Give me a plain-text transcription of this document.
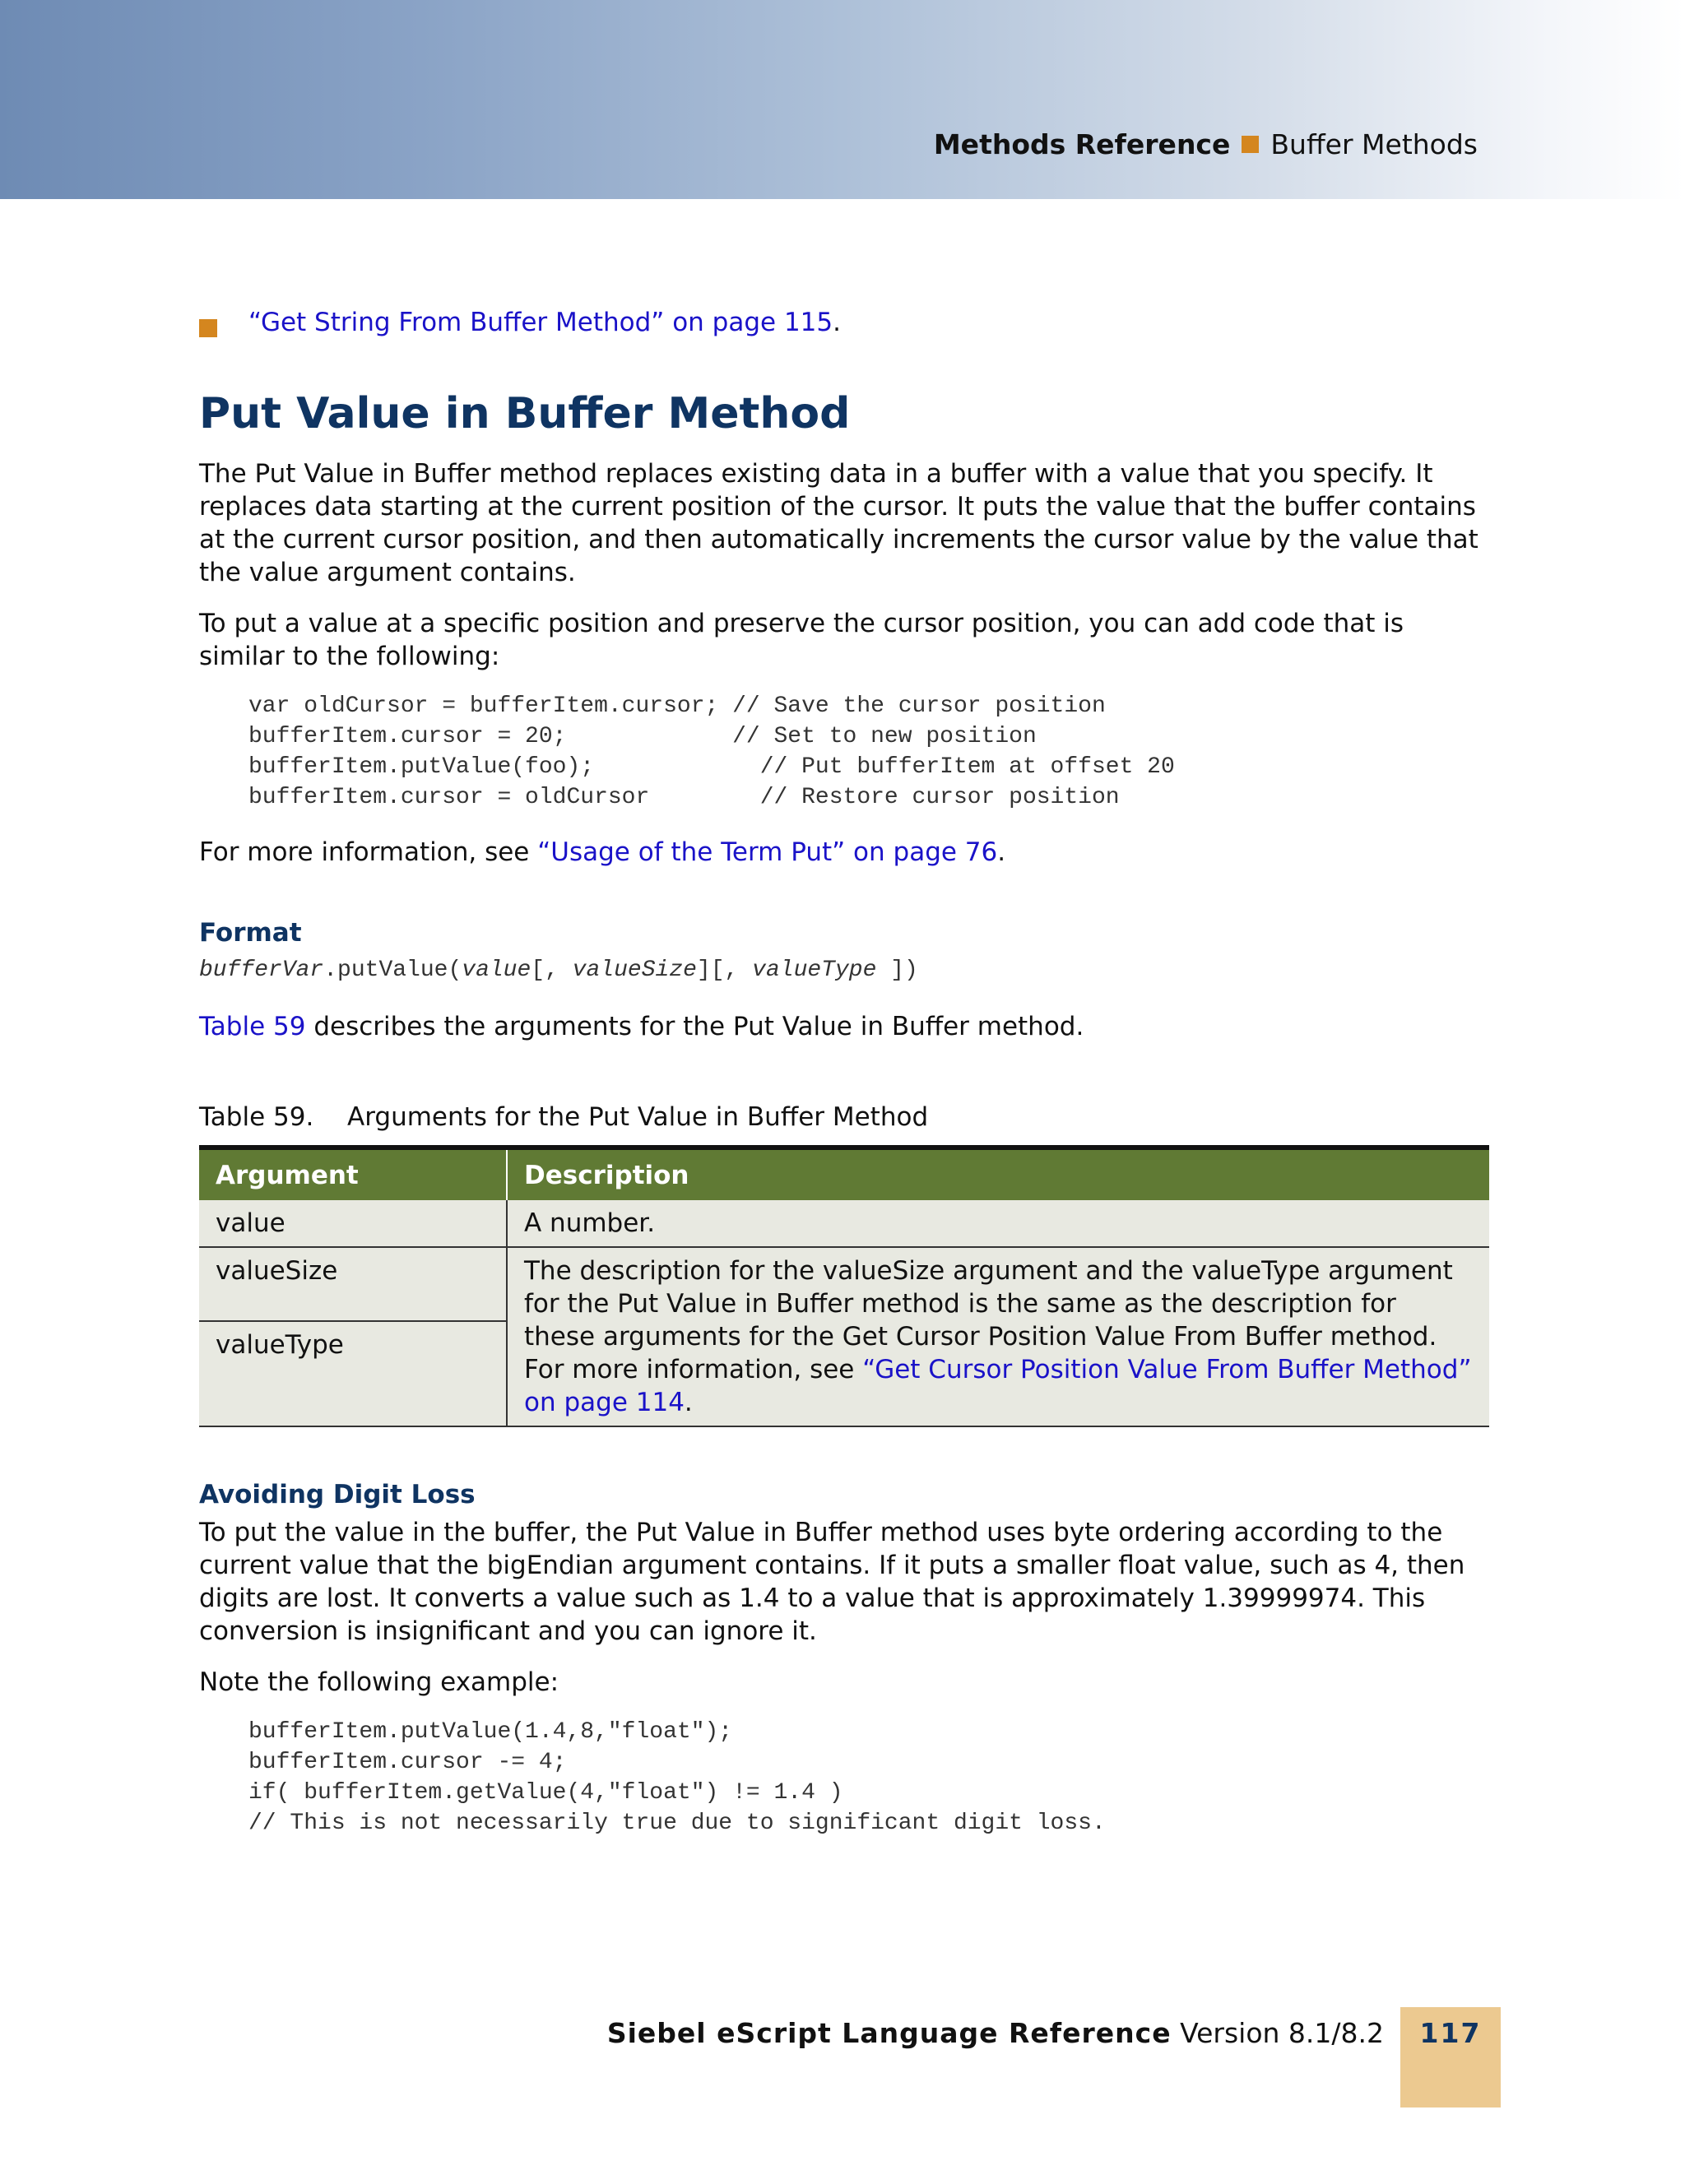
Methods Reference Buffer Methods
“Get String From Buffer Method” on page 115.
Put Value in Buffer Method

The Put Value in Buffer method replaces existing data in a buffer with a value that you specify. It replaces data starting at the current position of the cursor. It puts the value that the buffer contains at the current cursor position, and then automatically increments the cursor value by the value that the value argument contains.

To put a value at a specific position and preserve the cursor position, you can add code that is similar to the following:

var oldCursor = bufferItem.cursor; // Save the cursor position
bufferItem.cursor = 20;            // Set to new position
bufferItem.putValue(foo);            // Put bufferItem at offset 20
bufferItem.cursor = oldCursor        // Restore cursor position

For more information, see “Usage of the Term Put” on page 76.

Format
bufferVar.putValue(value[, valueSize][, valueType ])

Table 59 describes the arguments for the Put Value in Buffer method.

Table 59. Arguments for the Put Value in Buffer Method
Argument	Description
value	A number.
valueSize	The description for the valueSize argument and the valueType argument for the Put Value in Buffer method is the same as the description for these arguments for the Get Cursor Position Value From Buffer method. For more information, see “Get Cursor Position Value From Buffer Method” on page 114.
valueType	
Avoiding Digit Loss

To put the value in the buffer, the Put Value in Buffer method uses byte ordering according to the current value that the bigEndian argument contains. If it puts a smaller float value, such as 4, then digits are lost. It converts a value such as 1.4 to a value that is approximately 1.39999974. This conversion is insignificant and you can ignore it.

Note the following example:

bufferItem.putValue(1.4,8,"float");
bufferItem.cursor -= 4;
if( bufferItem.getValue(4,"float") != 1.4 )
// This is not necessarily true due to significant digit loss.
Siebel eScript Language Reference Version 8.1/8.2	117
